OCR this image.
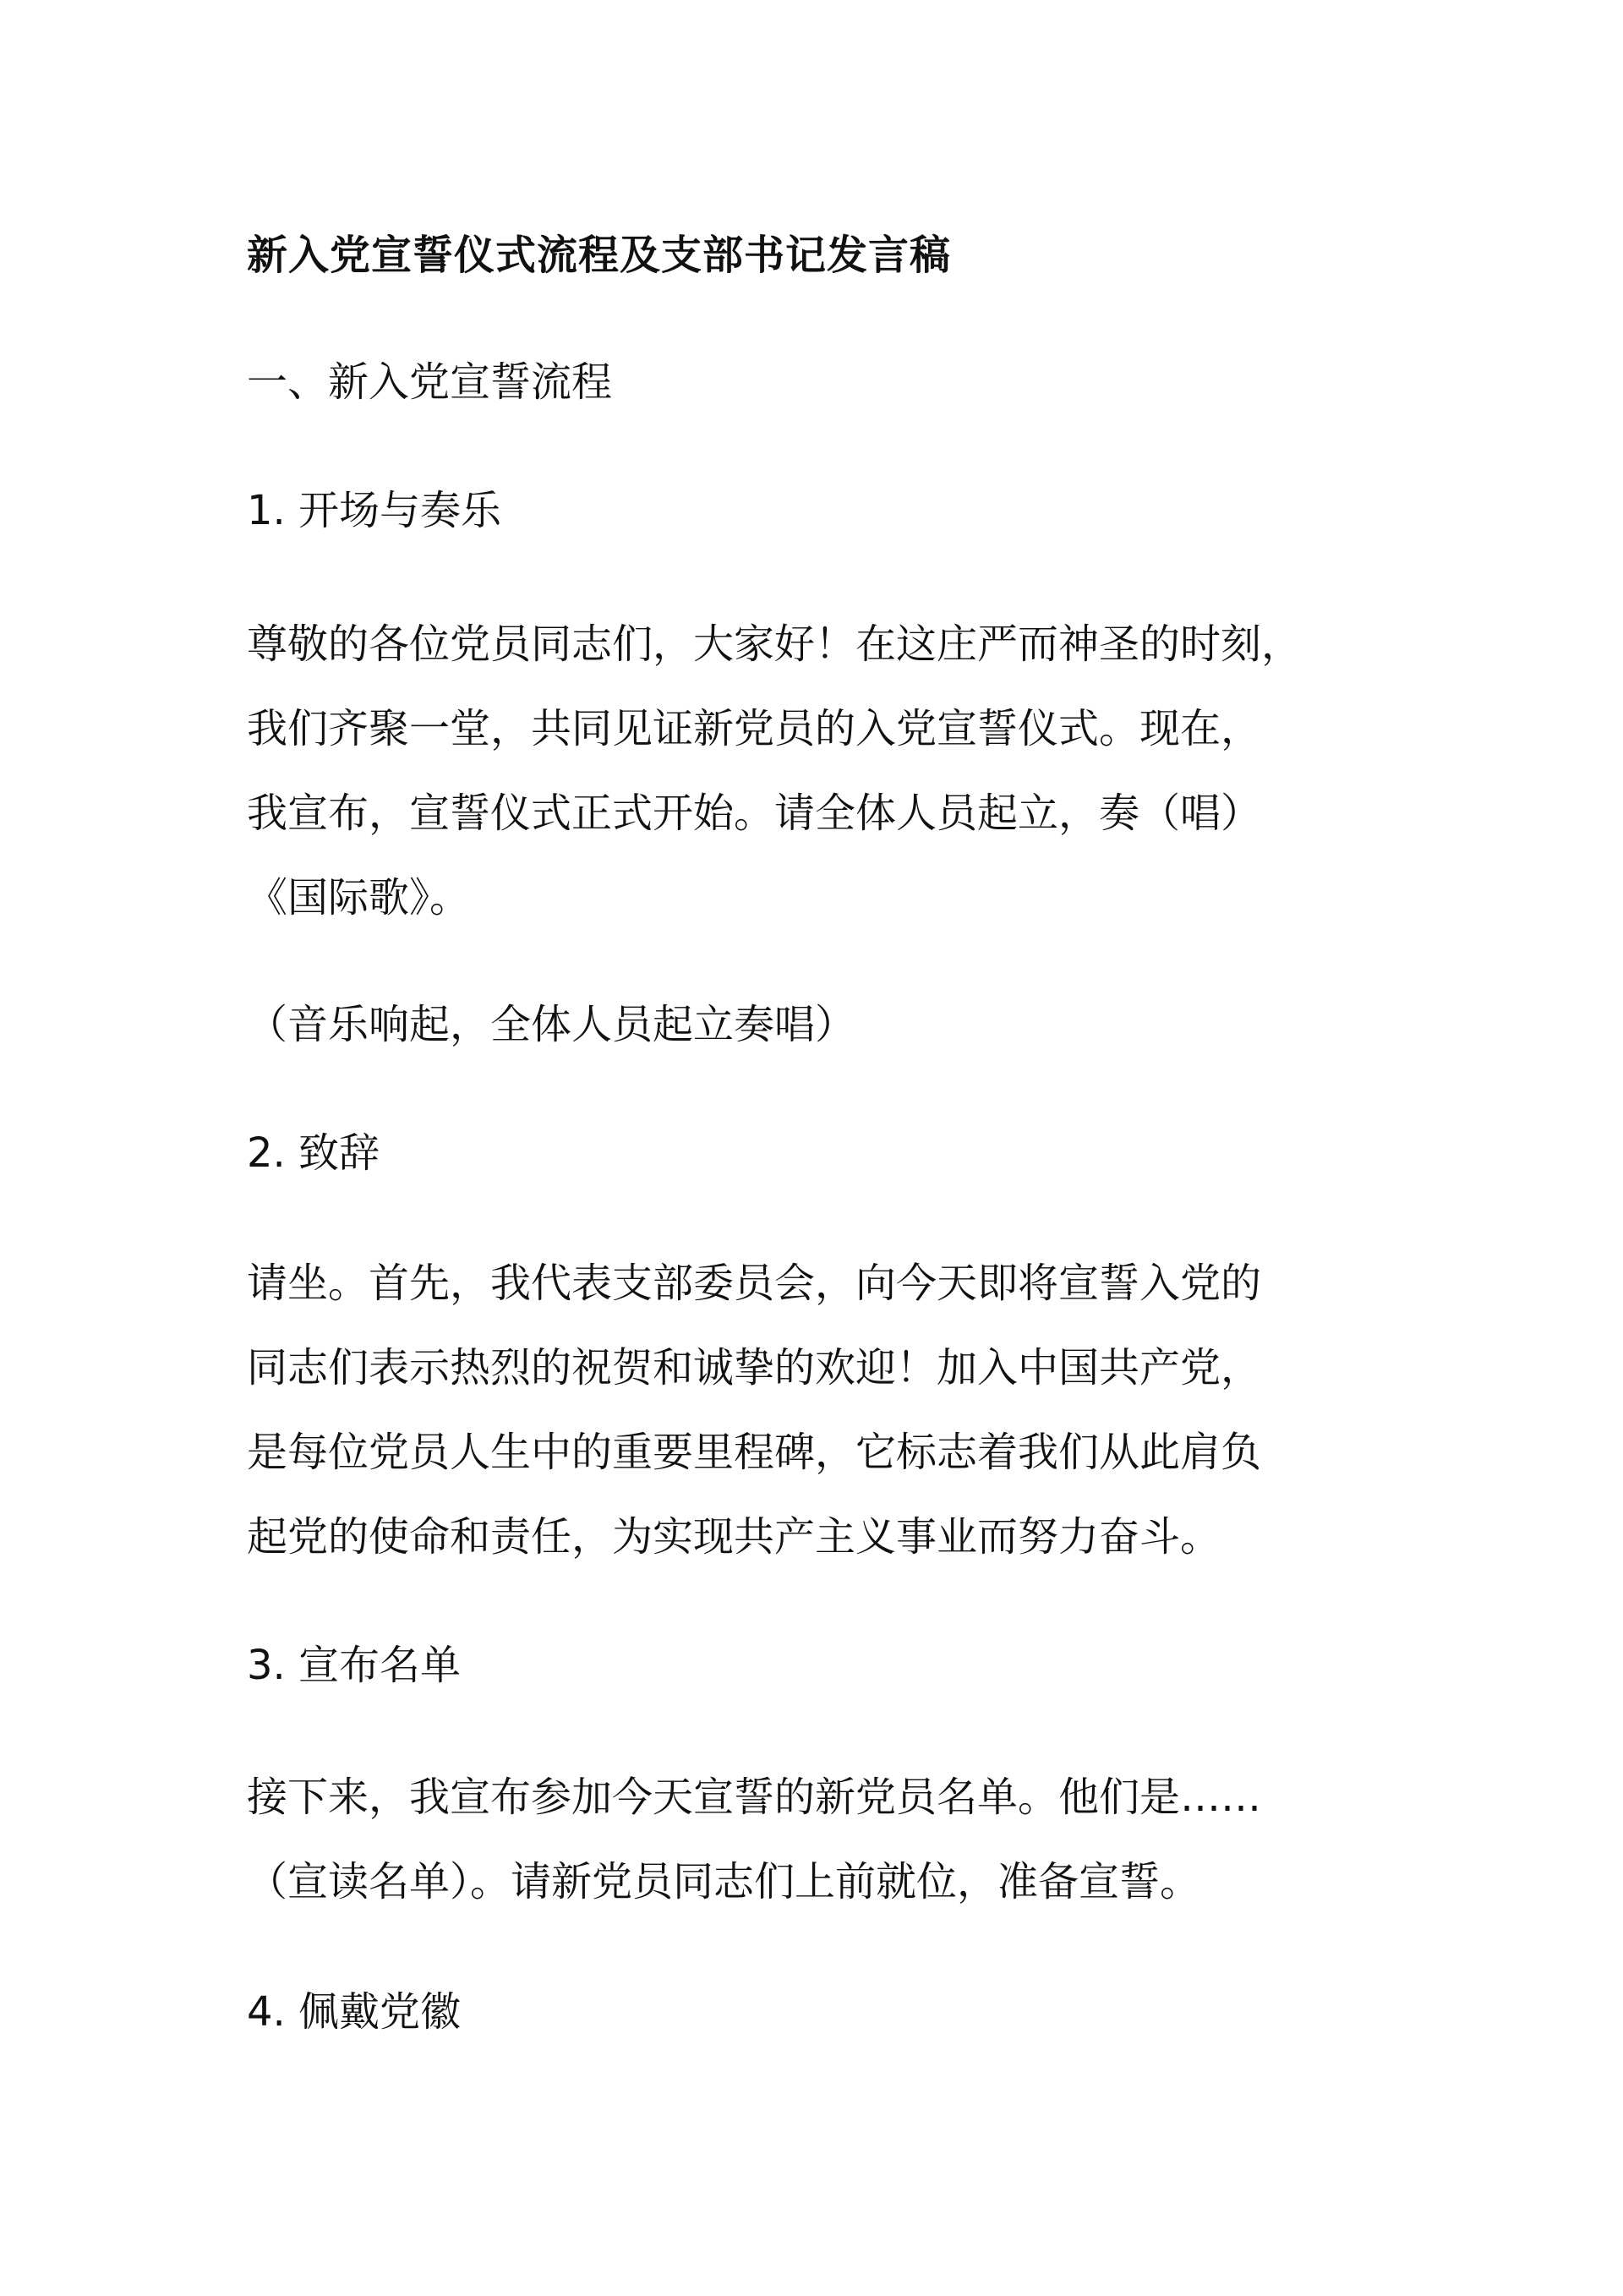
新入党宣誓仪式流程及支部书记发言稿
一、新入党宣誓流程
1. 开场与奏乐
尊敬的各位党员同志们，大家好！在这庄严而神圣的时刻，
我们齐聚一堂，共同见证新党员的入党宣誓仪式。现在，
我宣布，宣誓仪式正式开始。请全体人员起立，奏（唱）
《国际歌》。
（音乐响起，全体人员起立奏唱）
2. 致辞
请坐。首先，我代表支部委员会，向今天即将宣誓入党的
同志们表示热烈的祝贺和诚挚的欢迎！加入中国共产党，
是每位党员人生中的重要里程碑，它标志着我们从此肩负
起党的使命和责任，为实现共产主义事业而努力奋斗。
3. 宣布名单
接下来，我宣布参加今天宣誓的新党员名单。他们是……
（宣读名单）。请新党员同志们上前就位，准备宣誓。
4. 佩戴党徽
